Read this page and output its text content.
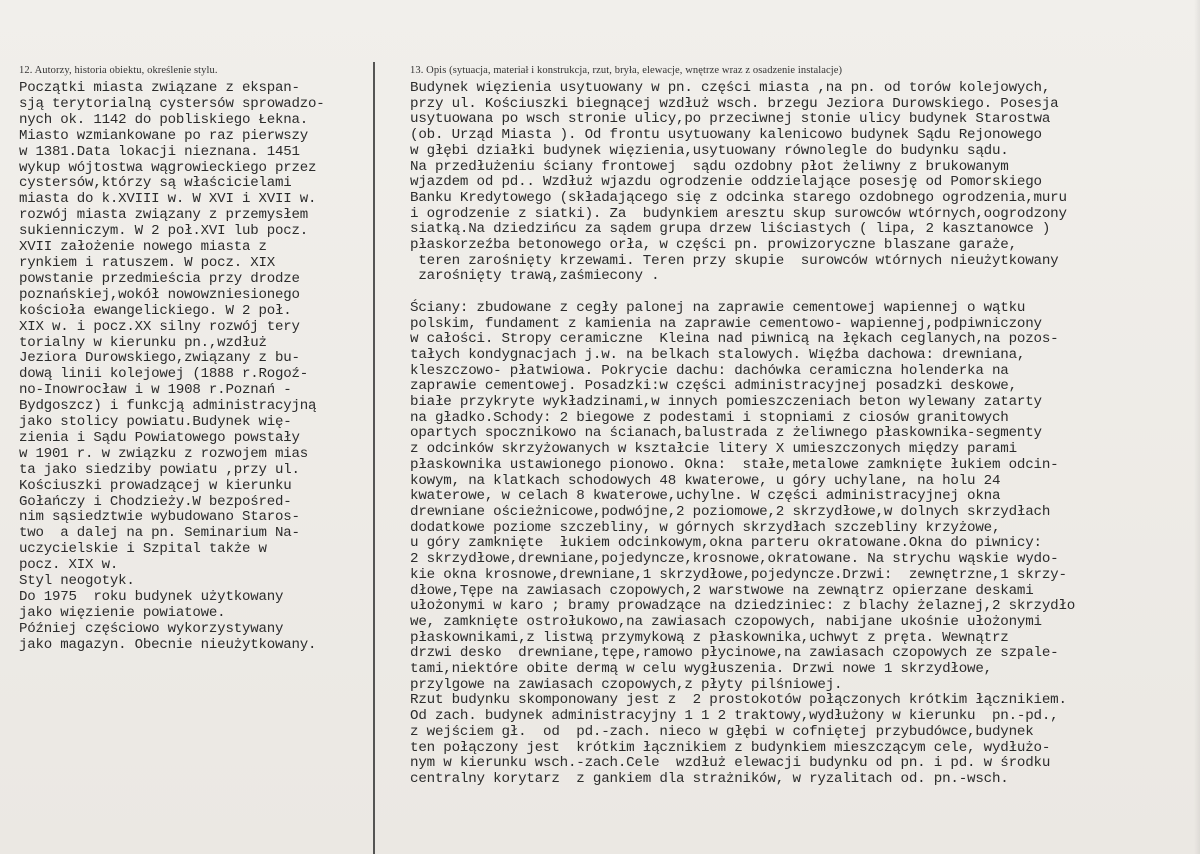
12. Autorzy, historia obiektu, określenie stylu.	13. Opis (sytuacja, materiał i konstrukcja, rzut, bryła, elewacje, wnętrze wraz z osadzenie instalacje)
Początki miasta związane z ekspan-
sją terytorialną cystersów sprowadzo-
nych ok. 1142 do pobliskiego Łekna.
Miasto wzmiankowane po raz pierwszy
w 1381.Data lokacji nieznana. 1451
wykup wójtostwa wągrowieckiego przez
cystersów,którzy są właścicielami
miasta do k.XVIII w. W XVI i XVII w.
rozwój miasta związany z przemysłem
sukienniczym. W 2 poł.XVI lub pocz.
XVII założenie nowego miasta z
rynkiem i ratuszem. W pocz. XIX
powstanie przedmieścia przy drodze
poznańskiej,wokół nowowzniesionego
kościoła ewangelickiego. W 2 poł.
XIX w. i pocz.XX silny rozwój tery
torialny w kierunku pn.,wzdłuż
Jeziora Durowskiego,związany z bu-
dową linii kolejowej (1888 r.Rogoź-
no-Inowrocław i w 1908 r.Poznań -
Bydgoszcz) i funkcją administracyjną
jako stolicy powiatu.Budynek wię-
zienia i Sądu Powiatowego powstały
w 1901 r. w związku z rozwojem mias
ta jako siedziby powiatu ,przy ul.
Kościuszki prowadzącej w kierunku
Gołańczy i Chodzieży.W bezpośred-
nim sąsiedztwie wybudowano Staros-
two  a dalej na pn. Seminarium Na-
uczycielskie i Szpital także w
pocz. XIX w.
Styl neogotyk.
Do 1975  roku budynek użytkowany
jako więzienie powiatowe.
Później częściowo wykorzystywany
jako magazyn. Obecnie nieużytkowany.
Budynek więzienia usytuowany w pn. części miasta ,na pn. od torów kolejowych,
przy ul. Kościuszki biegnącej wzdłuż wsch. brzegu Jeziora Durowskiego. Posesja
usytuowana po wsch stronie ulicy,po przeciwnej stonie ulicy budynek Starostwa
(ob. Urząd Miasta ). Od frontu usytuowany kalenicowo budynek Sądu Rejonowego
w głębi działki budynek więzienia,usytuowany równolegle do budynku sądu.
Na przedłużeniu ściany frontowej  sądu ozdobny płot żeliwny z brukowanym
wjazdem od pd.. Wzdłuż wjazdu ogrodzenie oddzielające posesję od Pomorskiego
Banku Kredytowego (składającego się z odcinka starego ozdobnego ogrodzenia,muru
i ogrodzenie z siatki). Za  budynkiem aresztu skup surowców wtórnych,oogrodzony
siatką.Na dziedzińcu za sądem grupa drzew liściastych ( lipa, 2 kasztanowce )
płaskorzeźba betonowego orła, w części pn. prowizoryczne blaszane garaże,
teren zarośnięty krzewami. Teren przy skupie  surowców wtórnych nieużytkowany
zarośnięty trawą,zaśmiecony .

Ściany: zbudowane z cegły palonej na zaprawie cementowej wapiennej o wątku
polskim, fundament z kamienia na zaprawie cementowo- wapiennej,podpiwniczony
w całości. Stropy ceramiczne  Kleina nad piwnicą na łękach ceglanych,na pozos-
tałych kondygnacjach j.w. na belkach stalowych. Więźba dachowa: drewniana,
kleszczowo- płatwiowa. Pokrycie dachu: dachówka ceramiczna holenderka na
zaprawie cementowej. Posadzki:w części administracyjnej posadzki deskowe,
białe przykryte wykładzinami,w innych pomieszczeniach beton wylewany zatarty
na gładko.Schody: 2 biegowe z podestami i stopniami z ciosów granitowych
opartych spocznikowo na ścianach,balustrada z żeliwnego płaskownika-segmenty
z odcinków skrzyżowanych w kształcie litery X umieszczonych między parami
płaskownika ustawionego pionowo. Okna:  stałe,metalowe zamknięte łukiem odcin-
kowym, na klatkach schodowych 48 kwaterowe, u góry uchylane, na holu 24
kwaterowe, w celach 8 kwaterowe,uchylne. W części administracyjnej okna
drewniane ościeżnicowe,podwójne,2 poziomowe,2 skrzydłowe,w dolnych skrzydłach
dodatkowe poziome szczebliny, w górnych skrzydłach szczebliny krzyżowe,
u góry zamknięte  łukiem odcinkowym,okna parteru okratowane.Okna do piwnicy:
2 skrzydłowe,drewniane,pojedyncze,krosnowe,okratowane. Na strychu wąskie wydo-
kie okna krosnowe,drewniane,1 skrzydłowe,pojedyncze.Drzwi:  zewnętrzne,1 skrzy-
dłowe,Tępe na zawiasach czopowych,2 warstwowe na zewnątrz opierzane deskami
ułożonymi w karo ; bramy prowadzące na dziedziniec: z blachy żelaznej,2 skrzydło
we, zamknięte ostrołukowo,na zawiasach czopowych, nabijane ukośnie ułożonymi
płaskownikami,z listwą przymykową z płaskownika,uchwyt z pręta. Wewnątrz
drzwi desko  drewniane,tępe,ramowo płycinowe,na zawiasach czopowych ze szpale-
tami,niektóre obite dermą w celu wygłuszenia. Drzwi nowe 1 skrzydłowe,
przylgowe na zawiasach czopowych,z płyty pilśniowej.
Rzut budynku skomponowany jest z  2 prostokotów połączonych krótkim łącznikiem.
Od zach. budynek administracyjny 1 1 2 traktowy,wydłużony w kierunku  pn.-pd.,
z wejściem gł.  od  pd.-zach. nieco w głębi w cofniętej przybudówce,budynek
ten połączony jest  krótkim łącznikiem z budynkiem mieszczącym cele, wydłużo-
nym w kierunku wsch.-zach.Cele  wzdłuż elewacji budynku od pn. i pd. w środku
centralny korytarz  z gankiem dla strażników, w ryzalitach od. pn.-wsch.
